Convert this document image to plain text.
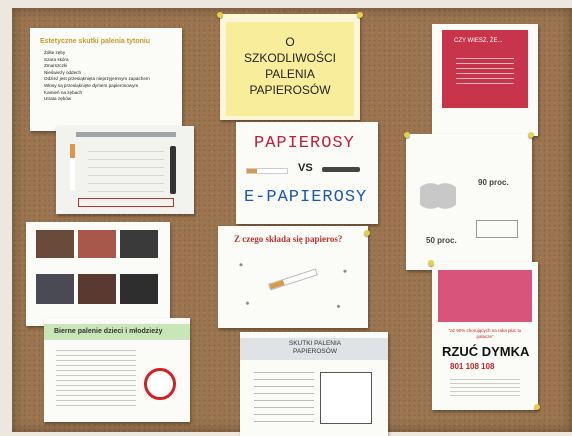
Estetyczne skutki palenia tytoniu
Żółte zęby
Szara skóra
Zmarszczki
Nieświeży oddech
Odzież jest przesiąknięta nieprzyjemnym zapachem
Włosy są przesiąknięte dymem papierosowym
Kamień na zębach
Utrata zębów
Bierne palenie dzieci i młodzieży
O
SZKODLIWOŚCI
PALENIA
PAPIEROSÓW
PAPIEROSY
VS
E-PAPIEROSY
Z czego składa się papieros?
SKUTKI PALENIA PAPIEROSÓW
CZY WIESZ, ŻE...
90 proc.
50 proc.
"aż 90% chorujących na raka płuc to palacze"
RZUĆ DYMKA
801 108 108
